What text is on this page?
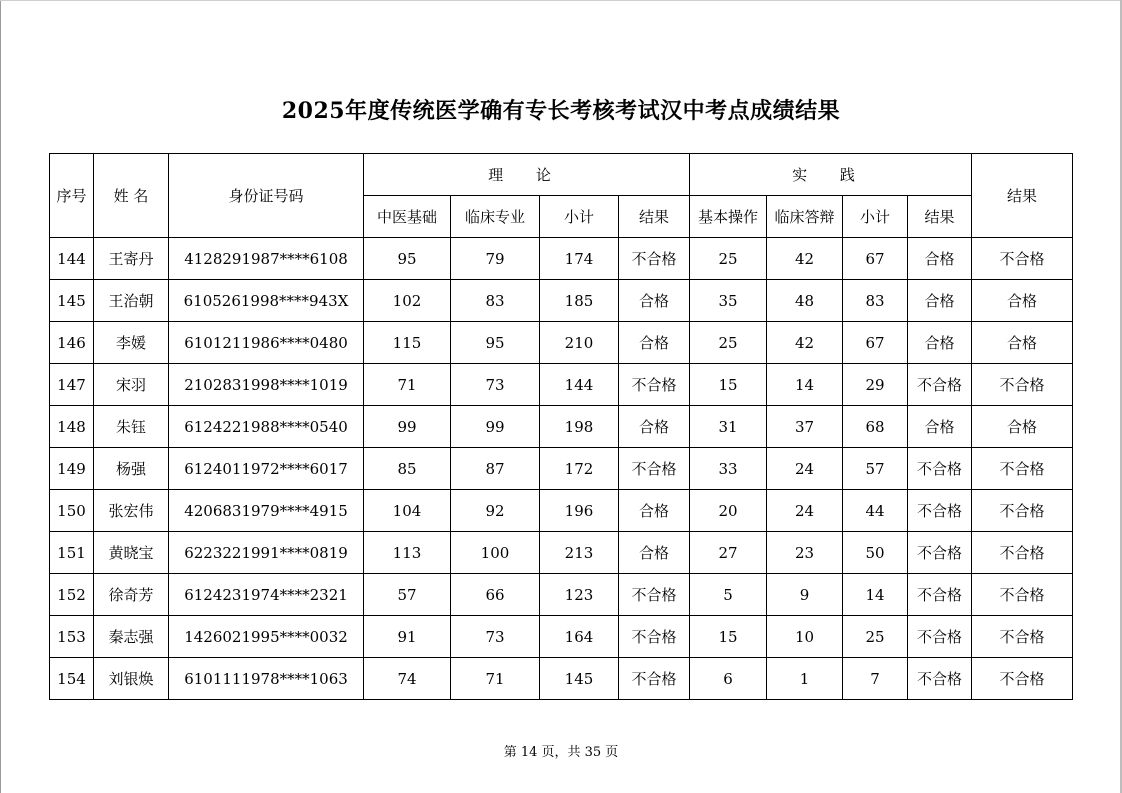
2025年度传统医学确有专长考核考试汉中考点成绩结果
序号	姓 名	身份证号码	理 论				实 践				结果
			中医基础	临床专业	小计	结果	基本操作	临床答辩	小计	结果	
144	王寄丹	4128291987****6108	95	79	174	不合格	25	42	67	合格	不合格
145	王治朝	6105261998****943X	102	83	185	合格	35	48	83	合格	合格
146	李媛	6101211986****0480	115	95	210	合格	25	42	67	合格	合格
147	宋羽	2102831998****1019	71	73	144	不合格	15	14	29	不合格	不合格
148	朱钰	6124221988****0540	99	99	198	合格	31	37	68	合格	合格
149	杨强	6124011972****6017	85	87	172	不合格	33	24	57	不合格	不合格
150	张宏伟	4206831979****4915	104	92	196	合格	20	24	44	不合格	不合格
151	黄晓宝	6223221991****0819	113	100	213	合格	27	23	50	不合格	不合格
152	徐奇芳	6124231974****2321	57	66	123	不合格	5	9	14	不合格	不合格
153	秦志强	1426021995****0032	91	73	164	不合格	15	10	25	不合格	不合格
154	刘银焕	6101111978****1063	74	71	145	不合格	6	1	7	不合格	不合格
第 14 页，共 35 页
